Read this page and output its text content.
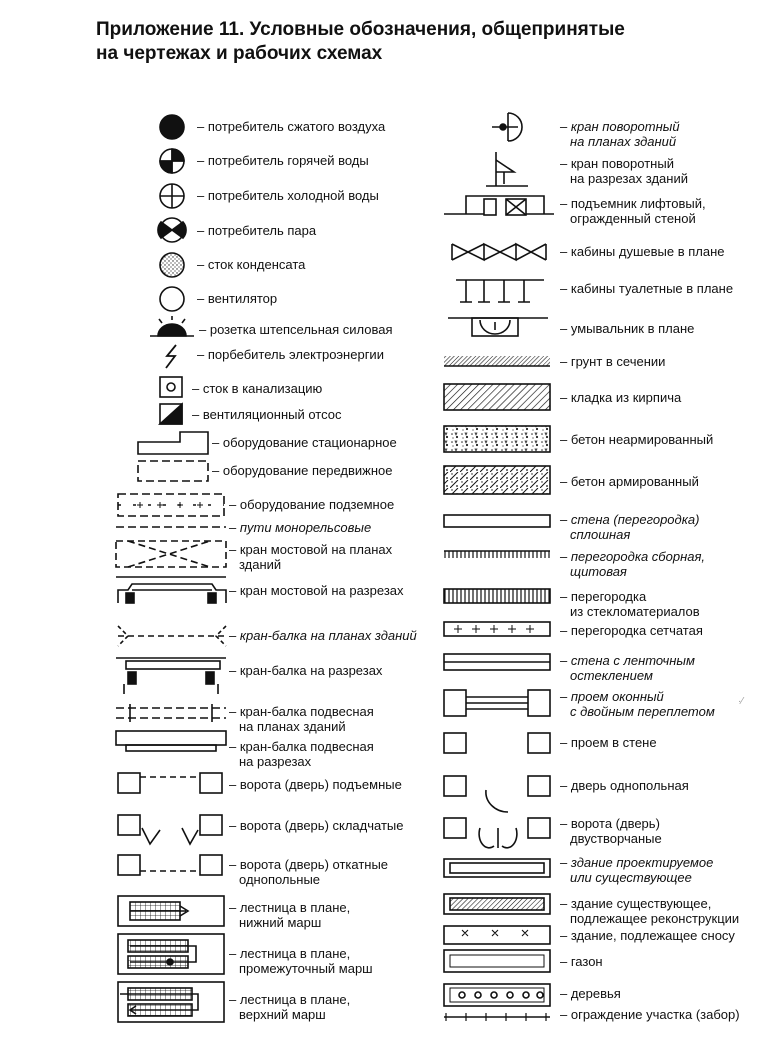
Приложение 11. Условные обозначения, общепринятые
на чертежах и рабочих схемах
·⁄
– потребитель сжатого воздуха
– потребитель горячей воды
– потребитель холодной воды
– потребитель пара
– сток конденсата
– вентилятор
– розетка штепсельная силовая
– порбебитель электроэнергии
– сток в канализацию
– вентиляционный отсос
– оборудование стационарное
– оборудование передвижное
– оборудование подземное
– пути монорельсовые
– кран мостовой на планах
зданий
– кран мостовой на разрезах
– кран-балка на планах зданий
– кран-балка на разрезах
– кран-балка подвесная
на планах зданий
– кран-балка подвесная
на разрезах
– ворота (дверь) подъемные
– ворота (дверь) складчатые
– ворота (дверь) откатные
однопольные
– лестница в плане,
нижний марш
– лестница в плане,
промежуточный марш
– лестница в плане,
верхний марш
– кран поворотный
на планах зданий
– кран поворотный
на разрезах зданий
– подъемник лифтовый,
огражденный стеной
– кабины душевые в плане
– кабины туалетные в плане
– умывальник в плане
– грунт в сечении
– кладка из кирпича
– бетон неармированный
– бетон армированный
– стена (перегородка)
сплошная
– перегородка сборная,
щитовая
– перегородка
из стекломатериалов
– перегородка сетчатая
– стена с ленточным
остеклением
– проем оконный
с двойным переплетом
– проем в стене
– дверь однопольная
– ворота (дверь)
двустворчаные
– здание проектируемое
или существующее
– здание существующее,
подлежащее реконструкции
– здание, подлежащее сносу
– газон
– деревья
– ограждение участка (забор)
